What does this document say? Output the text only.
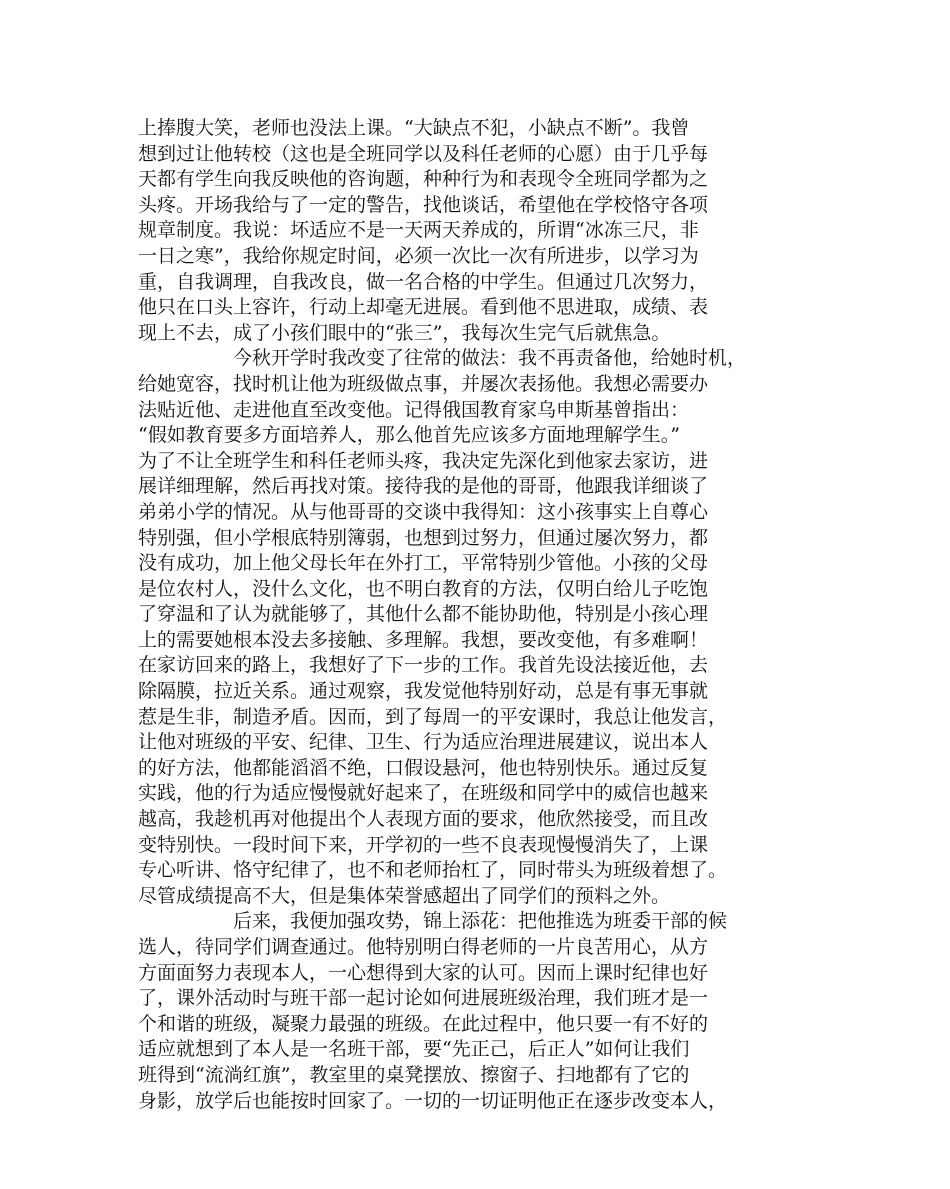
上捧腹大笑，老师也没法上课。“大缺点不犯，小缺点不断”。我曾
想到过让他转校（这也是全班同学以及科任老师的心愿）由于几乎每
天都有学生向我反映他的咨询题，种种行为和表现令全班同学都为之
头疼。开场我给与了一定的警告，找他谈话，希望他在学校恪守各项
规章制度。我说：坏适应不是一天两天养成的，所谓“冰冻三尺，非
一日之寒”，我给你规定时间，必须一次比一次有所进步，以学习为
重，自我调理，自我改良，做一名合格的中学生。但通过几次努力，
他只在口头上容许，行动上却毫无进展。看到他不思进取，成绩、表
现上不去，成了小孩们眼中的“张三”，我每次生完气后就焦急。
今秋开学时我改变了往常的做法：我不再责备他，给她时机，
给她宽容，找时机让他为班级做点事，并屡次表扬他。我想必需要办
法贴近他、走进他直至改变他。记得俄国教育家乌申斯基曾指出：
“假如教育要多方面培养人，那么他首先应该多方面地理解学生。”
为了不让全班学生和科任老师头疼，我决定先深化到他家去家访，进
展详细理解，然后再找对策。接待我的是他的哥哥，他跟我详细谈了
弟弟小学的情况。从与他哥哥的交谈中我得知：这小孩事实上自尊心
特别强，但小学根底特别簿弱，也想到过努力，但通过屡次努力，都
没有成功，加上他父母长年在外打工，平常特别少管他。小孩的父母
是位农村人，没什么文化，也不明白教育的方法，仅明白给儿子吃饱
了穿温和了认为就能够了，其他什么都不能协助他，特别是小孩心理
上的需要她根本没去多接触、多理解。我想，要改变他，有多难啊！
在家访回来的路上，我想好了下一步的工作。我首先设法接近他，去
除隔膜，拉近关系。通过观察，我发觉他特别好动，总是有事无事就
惹是生非，制造矛盾。因而，到了每周一的平安课时，我总让他发言，
让他对班级的平安、纪律、卫生、行为适应治理进展建议，说出本人
的好方法，他都能滔滔不绝，口假设悬河，他也特别快乐。通过反复
实践，他的行为适应慢慢就好起来了，在班级和同学中的威信也越来
越高，我趁机再对他提出个人表现方面的要求，他欣然接受，而且改
变特别快。一段时间下来，开学初的一些不良表现慢慢消失了，上课
专心听讲、恪守纪律了，也不和老师抬杠了，同时带头为班级着想了。
尽管成绩提高不大，但是集体荣誉感超出了同学们的预料之外。
后来，我便加强攻势，锦上添花：把他推选为班委干部的候
选人，待同学们调查通过。他特别明白得老师的一片良苦用心，从方
方面面努力表现本人，一心想得到大家的认可。因而上课时纪律也好
了，课外活动时与班干部一起讨论如何进展班级治理，我们班才是一
个和谐的班级，凝聚力最强的班级。在此过程中，他只要一有不好的
适应就想到了本人是一名班干部，要“先正己，后正人”如何让我们
班得到“流淌红旗”，教室里的桌凳摆放、擦窗子、扫地都有了它的
身影，放学后也能按时回家了。一切的一切证明他正在逐步改变本人，
